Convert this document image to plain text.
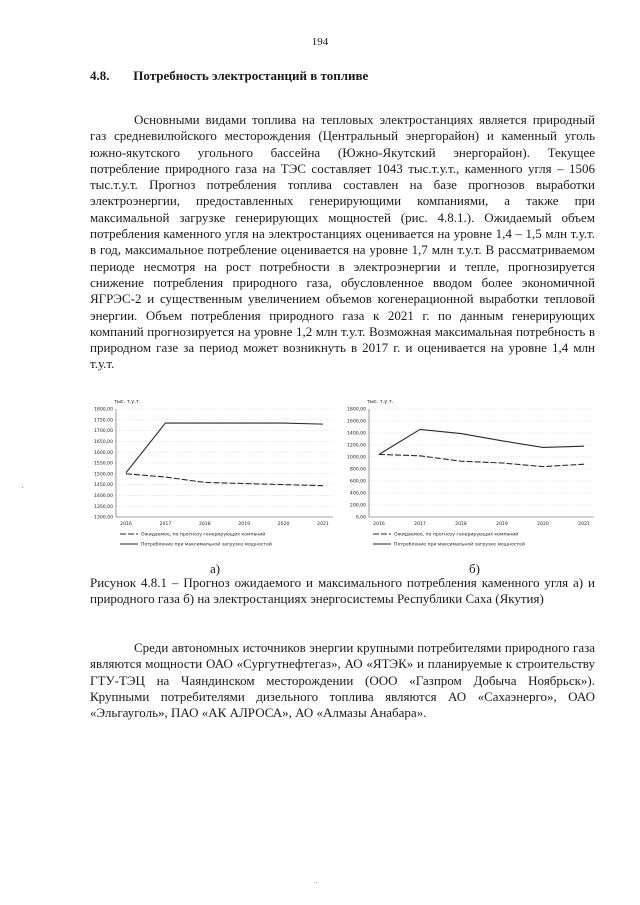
194
4.8. Потребность электростанций в топливе

Основными видами топлива на тепловых электростанциях является природный газ средневилюйского месторождения (Центральный энергорайон) и каменный уголь южно-якутского угольного бассейна (Южно-Якутский энергорайон). Текущее потребление природного газа на ТЭС составляет 1043 тыс.т.у.т., каменного угля – 1506 тыс.т.у.т. Прогноз потребления топлива составлен на базе прогнозов выработки электроэнергии, предоставленных генерирующими компаниями, а также при максимальной загрузке генерирующих мощностей (рис. 4.8.1.). Ожидаемый объем потребления каменного угля на электростанциях оценивается на уровне 1,4 – 1,5 млн т.у.т. в год, максимальное потребление оценивается на уровне 1,7 млн т.у.т. В рассматриваемом периоде несмотря на рост потребности в электроэнергии и тепле, прогнозируется снижение потребления природного газа, обусловленное вводом более экономичной ЯГРЭС-2 и существенным увеличением объемов когенерационной выработки тепловой энергии. Объем потребления природного газа к 2021 г. по данным генерирующих компаний прогнозируется на уровне 1,2 млн т.у.т. Возможная максимальная потребность в природном газе за период может возникнуть в 2017 г. и оценивается на уровне 1,4 млн т.у.т.

тыс. т.у.т.
1800,00
1750,00
1700,00
1650,00
1600,00
1550,00
1500,00
1450,00
1400,00
1350,00
1300,00
2016	2017	2018	2019	2020	2021
Ожидаемое, по прогнозу генерирующих компаний
Потребление при максимальной загрузке мощностей
тыс. т.у.т.
1800,00
1600,00
1400,00
1200,00
1000,00
800,00
600,00
400,00
200,00
0,00
2016	2017	2018	2019	2020	2021
Ожидаемое, по прогнозу генерирующих компаний
Потребление при максимальной загрузке мощностей
а)	б)

Рисунок 4.8.1 – Прогноз ожидаемого и максимального потребления каменного угля а) и природного газа б) на электростанциях энергосистемы Республики Саха (Якутия)

Среди автономных источников энергии крупными потребителями природного газа являются мощности ОАО «Сургутнефтегаз», АО «ЯТЭК» и планируемые к строительству ГТУ-ТЭЦ на Чаяндинском месторождении (ООО «Газпром Добыча Ноябрьск»). Крупными потребителями дизельного топлива являются АО «Сахаэнерго», ОАО «Эльгауголь», ПАО «АК АЛРОСА», АО «Алмазы Анабара».
